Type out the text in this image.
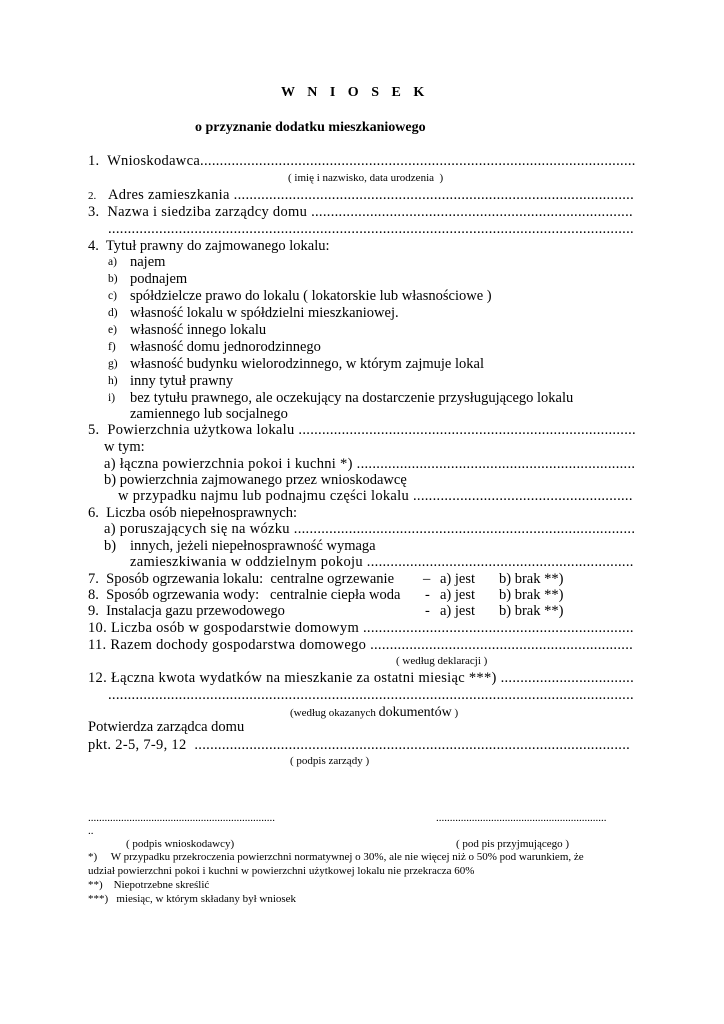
W N I O S E K
o przyznanie dodatku mieszkaniowego
1.  Wnioskodawca...............................................................................................................
( imię i nazwisko, data urodzenia  )
2. Adres zamieszkania ......................................................................................................
3.  Nazwa i siedziba zarządcy domu ..................................................................................
......................................................................................................................................
4.  Tytuł prawny do zajmowanego lokalu:
a) najem
b) podnajem
c) spółdzielcze prawo do lokalu ( lokatorskie lub własnościowe )
d) własność lokalu w spółdzielni mieszkaniowej.
e) własność innego lokalu
f) własność domu jednorodzinnego
g) własność budynku wielorodzinnego, w którym zajmuje lokal
h) inny tytuł prawny
i) bez tytułu prawnego, ale oczekujący na dostarczenie przysługującego lokalu
zamiennego lub socjalnego
5.  Powierzchnia użytkowa lokalu ......................................................................................
w tym:
a) łączna powierzchnia pokoi i kuchni *) .......................................................................
b) powierzchnia zajmowanego przez wnioskodawcę
w przypadku najmu lub podnajmu części lokalu ........................................................
6.  Liczba osób niepełnosprawnych:
a) poruszających się na wózku .......................................................................................
b) innych, jeżeli niepełnosprawność wymaga
zamieszkiwania w oddzielnym pokoju ....................................................................
7.  Sposób ogrzewania lokalu:  centralne ogrzewanie – a) jest b) brak **)
8.  Sposób ogrzewania wody:   centralnie ciepła woda - a) jest b) brak **)
9.  Instalacja gazu przewodowego	- a) jest b) brak **)
10. Liczba osób w gospodarstwie domowym .....................................................................
11. Razem dochody gospodarstwa domowego ...................................................................
( według deklaracji )
12. Łączna kwota wydatków na mieszkanie za ostatni miesiąc ***) ..................................
......................................................................................................................................
(według okazanych dokumentów )
Potwierdza zarządca domu
pkt. 2-5, 7-9, 12  ...............................................................................................................
( podpis zarządy )
....................................................................	..............................................................
..
( podpis wnioskodawcy)	( pod pis przyjmującego )
*)     W przypadku przekroczenia powierzchni normatywnej o 30%, ale nie więcej niż o 50% pod warunkiem, że
udział powierzchni pokoi i kuchni w powierzchni użytkowej lokalu nie przekracza 60%
**)    Niepotrzebne skreślić
***)   miesiąc, w którym składany był wniosek
